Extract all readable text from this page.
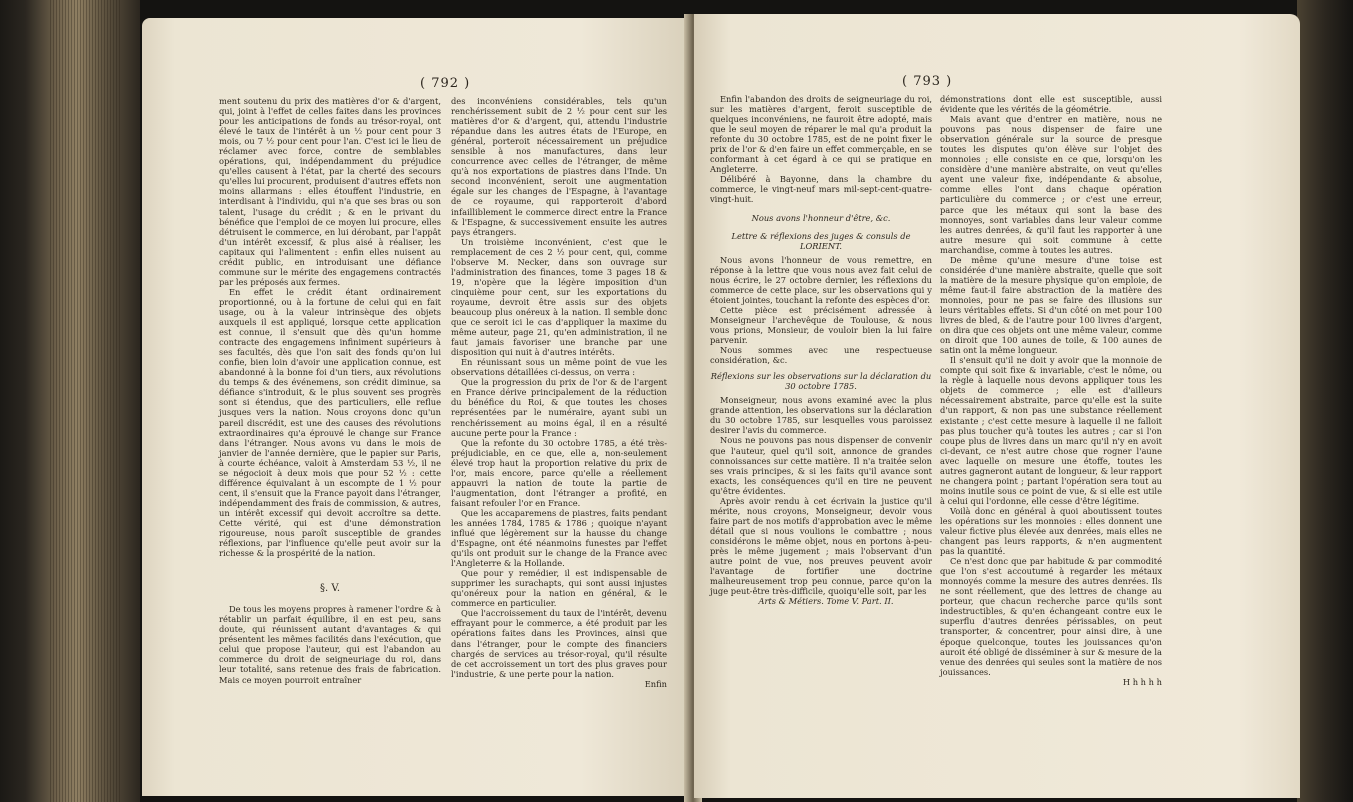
( 792 )

ment soutenu du prix des matières d'or & d'argent, qui, joint à l'effet de celles faites dans les provinces pour les anticipations de fonds au trésor-royal, ont élevé le taux de l'intérêt à un ½ pour cent pour 3 mois, ou 7 ½ pour cent pour l'an. C'est ici le lieu de réclamer avec force, contre de semblables opérations, qui, indépendamment du préjudice qu'elles causent à l'état, par la cherté des secours qu'elles lui procurent, produisent d'autres effets non moins allarmans : elles étouffent l'industrie, en interdisant à l'individu, qui n'a que ses bras ou son talent, l'usage du crédit ; & en le privant du bénéfice que l'emploi de ce moyen lui procure, elles détruisent le commerce, en lui dérobant, par l'appât d'un intérêt excessif, & plus aisé à réaliser, les capitaux qui l'alimentent : enfin elles nuisent au crédit public, en introduisant une défiance commune sur le mérite des engagemens contractés par les préposés aux fermes.

En effet le crédit étant ordinairement proportionné, ou à la fortune de celui qui en fait usage, ou à la valeur intrinsèque des objets auxquels il est appliqué, lorsque cette application est connue, il s'ensuit que dès qu'un homme contracte des engagemens infiniment supérieurs à ses facultés, dès que l'on sait des fonds qu'on lui confie, bien loin d'avoir une application connue, est abandonné à la bonne foi d'un tiers, aux révolutions du temps & des événemens, son crédit diminue, sa défiance s'introduit, & le plus souvent ses progrès sont si étendus, que des particuliers, elle reflue jusques vers la nation. Nous croyons donc qu'un pareil discrédit, est une des causes des révolutions extraordinaires qu'a éprouvé le change sur France dans l'étranger. Nous avons vu dans le mois de janvier de l'année dernière, que le papier sur Paris, à courte échéance, valoit à Amsterdam 53 ½, il ne se négocioit à deux mois que pour 52 ½ : cette différence équivalant à un escompte de 1 ½ pour cent, il s'ensuit que la France payoit dans l'étranger, indépendamment des frais de commission, & autres, un intérêt excessif qui devoit accroître sa dette. Cette vérité, qui est d'une démonstration rigoureuse, nous paroît susceptible de grandes réflexions, par l'influence qu'elle peut avoir sur la richesse & la prospérité de la nation.

§. V.

De tous les moyens propres à ramener l'ordre & à rétablir un parfait équilibre, il en est peu, sans doute, qui réunissent autant d'avantages & qui présentent les mêmes facilités dans l'exécution, que celui que propose l'auteur, qui est l'abandon au commerce du droit de seigneuriage du roi, dans leur totalité, sans retenue des frais de fabrication. Mais ce moyen pourroit entraîner

des inconvéniens considérables, tels qu'un renchérissement subit de 2 ½ pour cent sur les matières d'or & d'argent, qui, attendu l'industrie répandue dans les autres états de l'Europe, en général, porteroit nécessairement un préjudice sensible à nos manufactures, dans leur concurrence avec celles de l'étranger, de même qu'à nos exportations de piastres dans l'Inde. Un second inconvénient, seroit une augmentation égale sur les changes de l'Espagne, à l'avantage de ce royaume, qui rapporteroit d'abord infailliblement le commerce direct entre la France & l'Espagne, & successivement ensuite les autres pays étrangers.

Un troisième inconvénient, c'est que le remplacement de ces 2 ½ pour cent, qui, comme l'observe M. Necker, dans son ouvrage sur l'administration des finances, tome 3 pages 18 & 19, n'opère que la légère imposition d'un cinquième pour cent, sur les exportations du royaume, devroit être assis sur des objets beaucoup plus onéreux à la nation. Il semble donc que ce seroit ici le cas d'appliquer la maxime du même auteur, page 21, qu'en administration, il ne faut jamais favoriser une branche par une disposition qui nuit à d'autres intérêts.

En réunissant sous un même point de vue les observations détaillées ci-dessus, on verra :

Que la progression du prix de l'or & de l'argent en France dérive principalement de la réduction du bénéfice du Roi, & que toutes les choses représentées par le numéraire, ayant subi un renchérissement au moins égal, il en a résulté aucune perte pour la France :

Que la refonte du 30 octobre 1785, a été très-préjudiciable, en ce que, elle a, non-seulement élevé trop haut la proportion relative du prix de l'or, mais encore, parce qu'elle a réellement appauvri la nation de toute la partie de l'augmentation, dont l'étranger a profité, en faisant refouler l'or en France.

Que les accaparemens de piastres, faits pendant les années 1784, 1785 & 1786 ; quoique n'ayant influé que légèrement sur la hausse du change d'Espagne, ont été néanmoins funestes par l'effet qu'ils ont produit sur le change de la France avec l'Angleterre & la Hollande.

Que pour y remédier, il est indispensable de supprimer les surachapts, qui sont aussi injustes qu'onéreux pour la nation en général, & le commerce en particulier.

Que l'accroissement du taux de l'intérêt, devenu effrayant pour le commerce, a été produit par les opérations faites dans les Provinces, ainsi que dans l'étranger, pour le compte des financiers chargés de services au trésor-royal, qu'il résulte de cet accroissement un tort des plus graves pour l'industrie, & une perte pour la nation.

Enfin

( 793 )

Enfin l'abandon des droits de seigneuriage du roi, sur les matières d'argent, feroit susceptible de quelques inconvéniens, ne fauroit être adopté, mais que le seul moyen de réparer le mal qu'a produit la refonte du 30 octobre 1785, est de ne point fixer le prix de l'or & d'en faire un effet commerçable, en se conformant à cet égard à ce qui se pratique en Angleterre.

Délibéré à Bayonne, dans la chambre du commerce, le vingt-neuf mars mil-sept-cent-quatre-vingt-huit.

Nous avons l'honneur d'être, &c.

Lettre & réflexions des juges & consuls de LORIENT.

Nous avons l'honneur de vous remettre, en réponse à la lettre que vous nous avez fait celui de nous écrire, le 27 octobre dernier, les réflexions du commerce de cette place, sur les observations qui y étoient jointes, touchant la refonte des espèces d'or.

Cette pièce est précisément adressée à Monseigneur l'archevêque de Toulouse, & nous vous prions, Monsieur, de vouloir bien la lui faire parvenir.

Nous sommes avec une respectueuse considération, &c.

Réflexions sur les observations sur la déclaration du 30 octobre 1785.

Monseigneur, nous avons examiné avec la plus grande attention, les observations sur la déclaration du 30 octobre 1785, sur lesquelles vous paroissez desirer l'avis du commerce.

Nous ne pouvons pas nous dispenser de convenir que l'auteur, quel qu'il soit, annonce de grandes connoissances sur cette matière. Il n'a traitée selon ses vrais principes, & si les faits qu'il avance sont exacts, les conséquences qu'il en tire ne peuvent qu'être évidentes.

Après avoir rendu à cet écrivain la justice qu'il mérite, nous croyons, Monseigneur, devoir vous faire part de nos motifs d'approbation avec le même détail que si nous voulions le combattre ; nous considérons le même objet, nous en portons à-peu-près le même jugement ; mais l'observant d'un autre point de vue, nos preuves peuvent avoir l'avantage de fortifier une doctrine malheureusement trop peu connue, parce qu'on la juge peut-être très-difficile, quoiqu'elle soit, par les

Arts & Métiers. Tome V. Part. II.

démonstrations dont elle est susceptible, aussi évidente que les vérités de la géométrie.

Mais avant que d'entrer en matière, nous ne pouvons pas nous dispenser de faire une observation générale sur la source de presque toutes les disputes qu'on élève sur l'objet des monnoies ; elle consiste en ce que, lorsqu'on les considère d'une manière abstraite, on veut qu'elles ayent une valeur fixe, indépendante & absolue, comme elles l'ont dans chaque opération particulière du commerce ; or c'est une erreur, parce que les métaux qui sont la base des monnoyes, sont variables dans leur valeur comme les autres denrées, & qu'il faut les rapporter à une autre mesure qui soit commune à cette marchandise, comme à toutes les autres.

De même qu'une mesure d'une toise est considérée d'une manière abstraite, quelle que soit la matière de la mesure physique qu'on emploie, de même faut-il faire abstraction de la matière des monnoies, pour ne pas se faire des illusions sur leurs véritables effets. Si d'un côté on met pour 100 livres de bled, & de l'autre pour 100 livres d'argent, on dira que ces objets ont une même valeur, comme on diroit que 100 aunes de toile, & 100 aunes de satin ont la même longueur.

Il s'ensuit qu'il ne doit y avoir que la monnoie de compte qui soit fixe & invariable, c'est le nôme, ou la règle à laquelle nous devons appliquer tous les objets de commerce ; elle est d'ailleurs nécessairement abstraite, parce qu'elle est la suite d'un rapport, & non pas une substance réellement existante ; c'est cette mesure à laquelle il ne falloit pas plus toucher qu'à toutes les autres ; car si l'on coupe plus de livres dans un marc qu'il n'y en avoit ci-devant, ce n'est autre chose que rogner l'aune avec laquelle on mesure une étoffe, toutes les autres gagneront autant de longueur, & leur rapport ne changera point ; partant l'opération sera tout au moins inutile sous ce point de vue, & si elle est utile à celui qui l'ordonne, elle cesse d'être légitime.

Voilà donc en général à quoi aboutissent toutes les opérations sur les monnoies : elles donnent une valeur fictive plus élevée aux denrées, mais elles ne changent pas leurs rapports, & n'en augmentent pas la quantité.

Ce n'est donc que par habitude & par commodité que l'on s'est accoutumé à regarder les métaux monnoyés comme la mesure des autres denrées. Ils ne sont réellement, que des lettres de change au porteur, que chacun recherche parce qu'ils sont indestructibles, & qu'en échangeant contre eux le superflu d'autres denrées périssables, on peut transporter, & concentrer, pour ainsi dire, à une époque quelconque, toutes les jouissances qu'on auroit été obligé de disséminer à sur & mesure de la venue des denrées qui seules sont la matière de nos jouissances.

H h h h h
